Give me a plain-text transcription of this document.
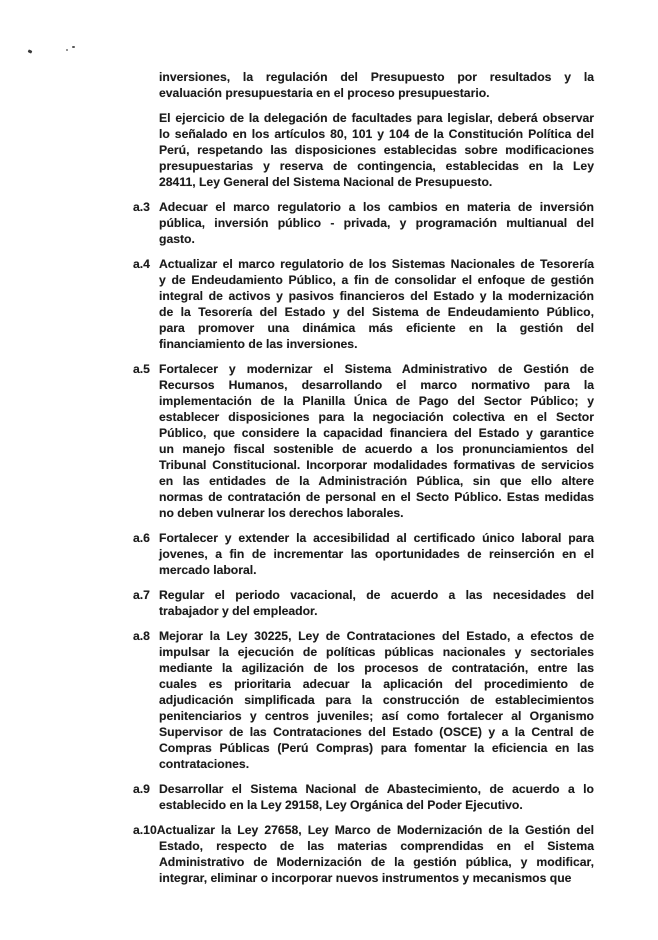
inversiones, la regulación del Presupuesto por resultados y la
evaluación presupuestaria en el proceso presupuestario.
El ejercicio de la delegación de facultades para legislar, deberá observar
lo señalado en los artículos 80, 101 y 104 de la Constitución Política del
Perú, respetando las disposiciones establecidas sobre modificaciones
presupuestarias y reserva de contingencia, establecidas en la Ley
28411, Ley General del Sistema Nacional de Presupuesto.
a.3 Adecuar el marco regulatorio a los cambios en materia de inversión
pública, inversión público - privada, y programación multianual del
gasto.
a.4 Actualizar el marco regulatorio de los Sistemas Nacionales de Tesorería
y de Endeudamiento Público, a fin de consolidar el enfoque de gestión
integral de activos y pasivos financieros del Estado y la modernización
de la Tesorería del Estado y del Sistema de Endeudamiento Público,
para promover una dinámica más eficiente en la gestión del
financiamiento de las inversiones.
a.5 Fortalecer y modernizar el Sistema Administrativo de Gestión de
Recursos Humanos, desarrollando el marco normativo para la
implementación de la Planilla Única de Pago del Sector Público; y
establecer disposiciones para la negociación colectiva en el Sector
Público, que considere la capacidad financiera del Estado y garantice
un manejo fiscal sostenible de acuerdo a los pronunciamientos del
Tribunal Constitucional. Incorporar modalidades formativas de servicios
en las entidades de la Administración Pública, sin que ello altere
normas de contratación de personal en el Secto Público. Estas medidas
no deben vulnerar los derechos laborales.
a.6 Fortalecer y extender la accesibilidad al certificado único laboral para
jovenes, a fin de incrementar las oportunidades de reinserción en el
mercado laboral.
a.7 Regular el periodo vacacional, de acuerdo a las necesidades del
trabajador y del empleador.
a.8 Mejorar la Ley 30225, Ley de Contrataciones del Estado, a efectos de
impulsar la ejecución de políticas públicas nacionales y sectoriales
mediante la agilización de los procesos de contratación, entre las
cuales es prioritaria adecuar la aplicación del procedimiento de
adjudicación simplificada para la construcción de establecimientos
penitenciarios y centros juveniles; así como fortalecer al Organismo
Supervisor de las Contrataciones del Estado (OSCE) y a la Central de
Compras Públicas (Perú Compras) para fomentar la eficiencia en las
contrataciones.
a.9 Desarrollar el Sistema Nacional de Abastecimiento, de acuerdo a lo
establecido en la Ley 29158, Ley Orgánica del Poder Ejecutivo.
a.10Actualizar la Ley 27658, Ley Marco de Modernización de la Gestión del
Estado, respecto de las materias comprendidas en el Sistema
Administrativo de Modernización de la gestión pública, y modificar,
integrar, eliminar o incorporar nuevos instrumentos y mecanismos que
